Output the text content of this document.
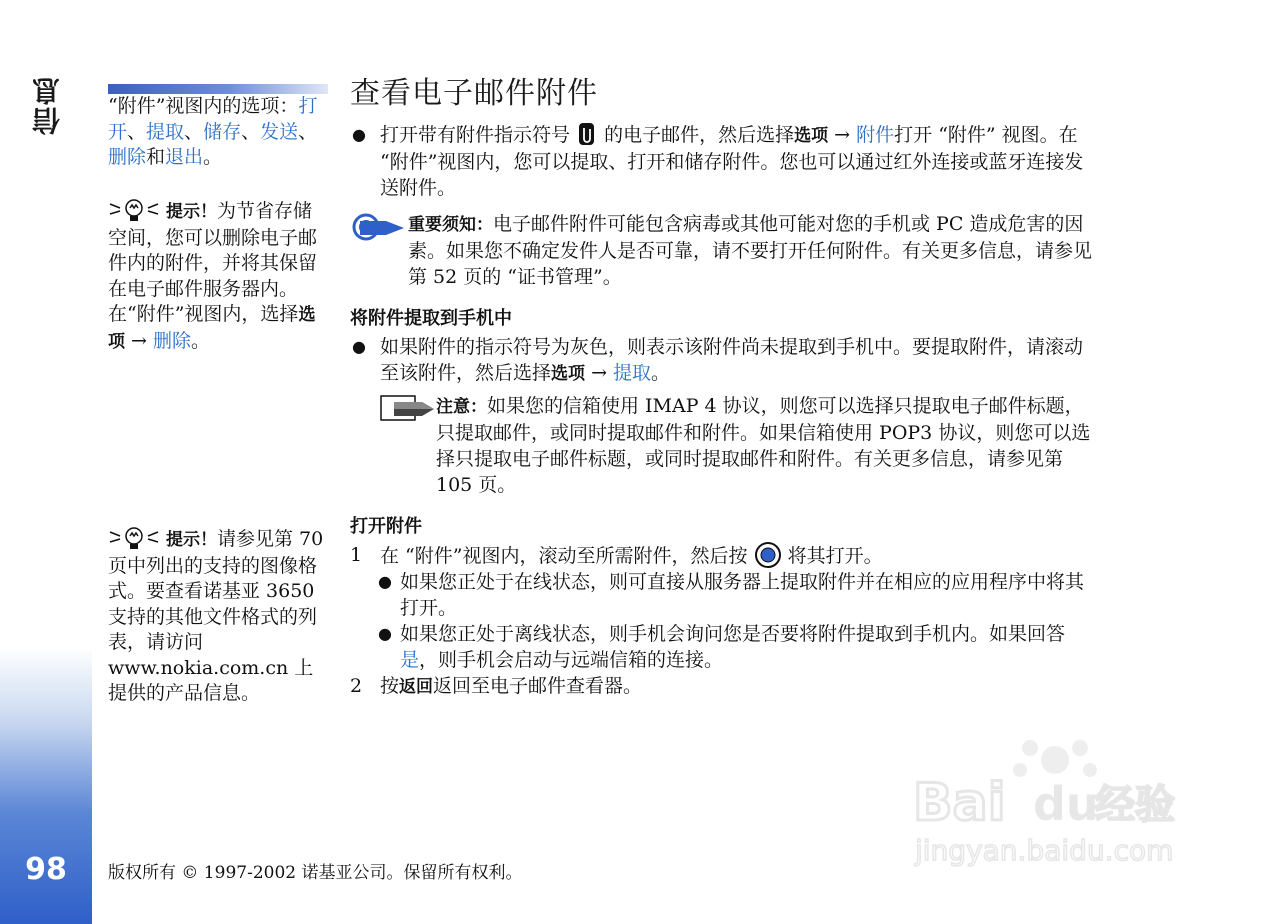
信息
98
“附件”视图内的选项：打开、提取、储存、发送、删除和退出。
提示！为节省存储空间，您可以删除电子邮件内的附件，并将其保留在电子邮件服务器内。在“附件”视图内，选择选项 → 删除。
提示！请参见第 70 页中列出的支持的图像格式。要查看诺基亚 3650 支持的其他文件格式的列表，请访问 www.nokia.com.cn 上提供的产品信息。
查看电子邮件附件
● 打开带有附件指示符号 的电子邮件，然后选择选项 → 附件打开 “附件” 视图。在 “附件”视图内，您可以提取、打开和储存附件。您也可以通过红外连接或蓝牙连接发送附件。
重要须知：电子邮件附件可能包含病毒或其他可能对您的手机或 PC 造成危害的因素。如果您不确定发件人是否可靠，请不要打开任何附件。有关更多信息，请参见第 52 页的 “证书管理”。
将附件提取到手机中
● 如果附件的指示符号为灰色，则表示该附件尚未提取到手机中。要提取附件，请滚动至该附件，然后选择选项 → 提取。
注意：如果您的信箱使用 IMAP 4 协议，则您可以选择只提取电子邮件标题，只提取邮件，或同时提取邮件和附件。如果信箱使用 POP3 协议，则您可以选择只提取电子邮件标题，或同时提取邮件和附件。有关更多信息，请参见第 105 页。
打开附件
1 在 “附件”视图内，滚动至所需附件，然后按 将其打开。
● 如果您正处于在线状态，则可直接从服务器上提取附件并在相应的应用程序中将其打开。
● 如果您正处于离线状态，则手机会询问您是否要将附件提取到手机内。如果回答是，则手机会启动与远端信箱的连接。
2 按返回返回至电子邮件查看器。
版权所有 © 1997-2002 诺基亚公司。保留所有权利。
Bai du
经验
jingyan.baidu.com
